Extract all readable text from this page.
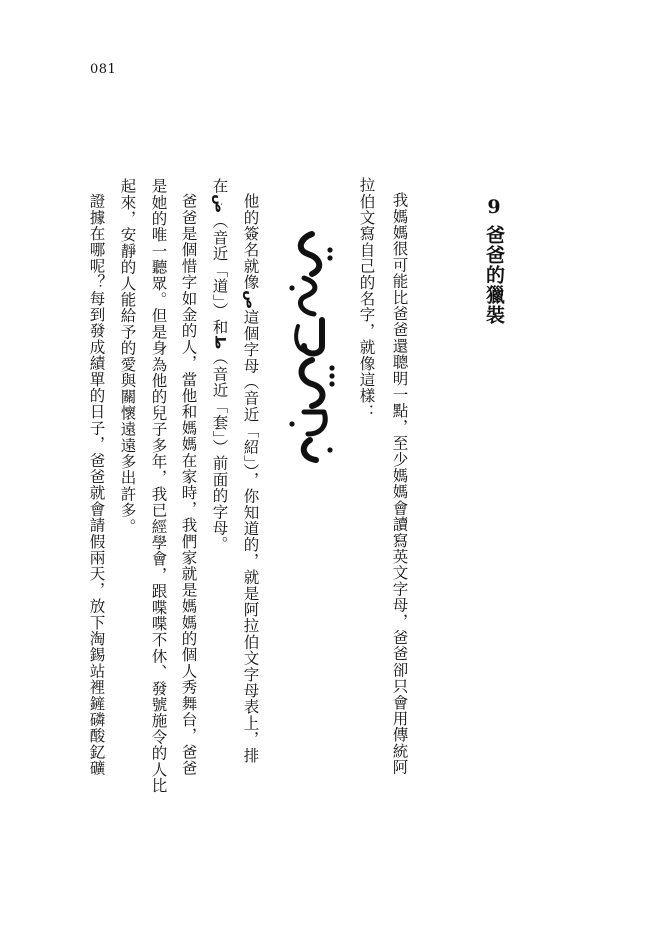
081
9爸爸的獵裝
我媽媽很可能比爸爸還聰明一點，至少媽媽會讀寫英文字母，爸爸卻只會用傳統阿
拉伯文寫自己的名字，就像這樣：
他的簽名就像ص這個字母（音近「紹」），你知道的，就是阿拉伯文字母表上，排
在ض（音近「道」）和ط（音近「套」）前面的字母。
爸爸是個惜字如金的人，當他和媽媽在家時，我們家就是媽媽的個人秀舞台，爸爸
是她的唯一聽眾。但是身為他的兒子多年，我已經學會，跟喋喋不休、發號施令的人比
起來，安靜的人能給予的愛與關懷遠遠多出許多。
證據在哪呢？每到發成績單的日子，爸爸就會請假兩天，放下淘錫站裡鏟磷酸釔礦
